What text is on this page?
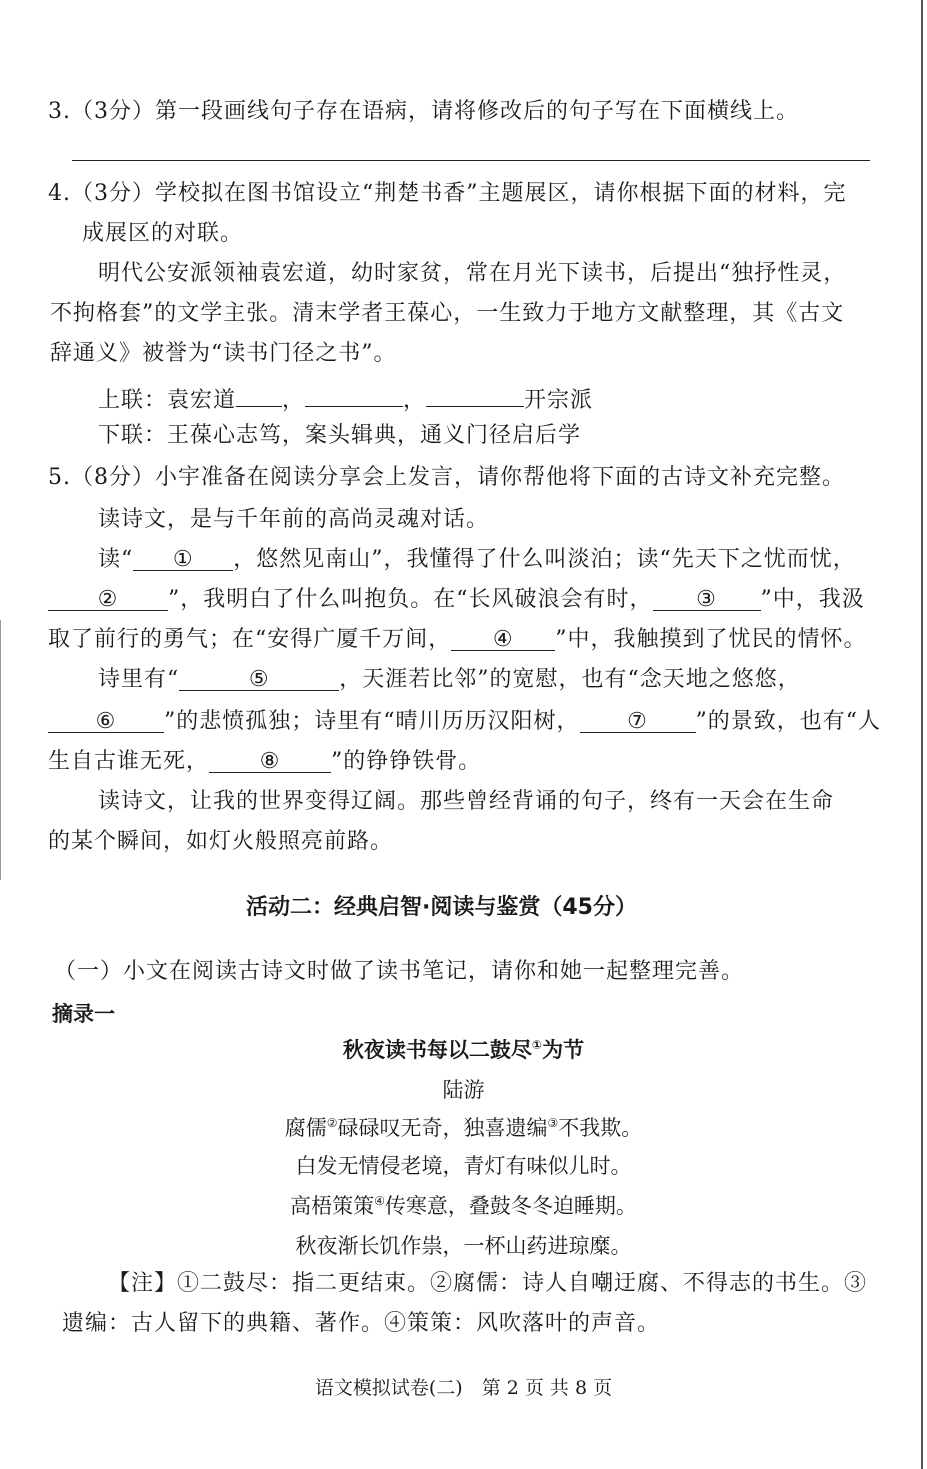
3.（3分）第一段画线句子存在语病，请将修改后的句子写在下面横线上。
4.（3分）学校拟在图书馆设立“荆楚书香”主题展区，请你根据下面的材料，完
成展区的对联。
明代公安派领袖袁宏道，幼时家贫，常在月光下读书，后提出“独抒性灵，
不拘格套”的文学主张。清末学者王葆心，一生致力于地方文献整理，其《古文
辞通义》被誉为“读书门径之书”。
上联：袁宏道 ，	，	开宗派
下联：王葆心志笃，案头辑典，通义门径启后学
5.（8分）小宇准备在阅读分享会上发言，请你帮他将下面的古诗文补充完整。
读诗文，是与千年前的高尚灵魂对话。
读“ ① ，悠然见南山”，我懂得了什么叫淡泊；读“先天下之忧而忧，
② ”，我明白了什么叫抱负。在“长风破浪会有时， ③ ”中，我汲
取了前行的勇气；在“安得广厦千万间， ④ ”中，我触摸到了忧民的情怀。
诗里有“	⑤	，天涯若比邻”的宽慰，也有“念天地之悠悠，
⑥ ”的悲愤孤独；诗里有“晴川历历汉阳树， ⑦ ”的景致，也有“人
生自古谁无死， ⑧ ”的铮铮铁骨。
读诗文，让我的世界变得辽阔。那些曾经背诵的句子，终有一天会在生命
的某个瞬间，如灯火般照亮前路。
活动二：经典启智·阅读与鉴赏（45分）
（一）小文在阅读古诗文时做了读书笔记，请你和她一起整理完善。
摘录一
秋夜读书每以二鼓尽①为节
陆游
腐儒②碌碌叹无奇，独喜遗编③不我欺。
白发无情侵老境，青灯有味似儿时。
高梧策策④传寒意，叠鼓冬冬迫睡期。
秋夜渐长饥作祟，一杯山药进琼糜。
【注】①二鼓尽：指二更结束。②腐儒：诗人自嘲迂腐、不得志的书生。③
遗编：古人留下的典籍、著作。④策策：风吹落叶的声音。
语文模拟试卷(二)　第 2 页 共 8 页
